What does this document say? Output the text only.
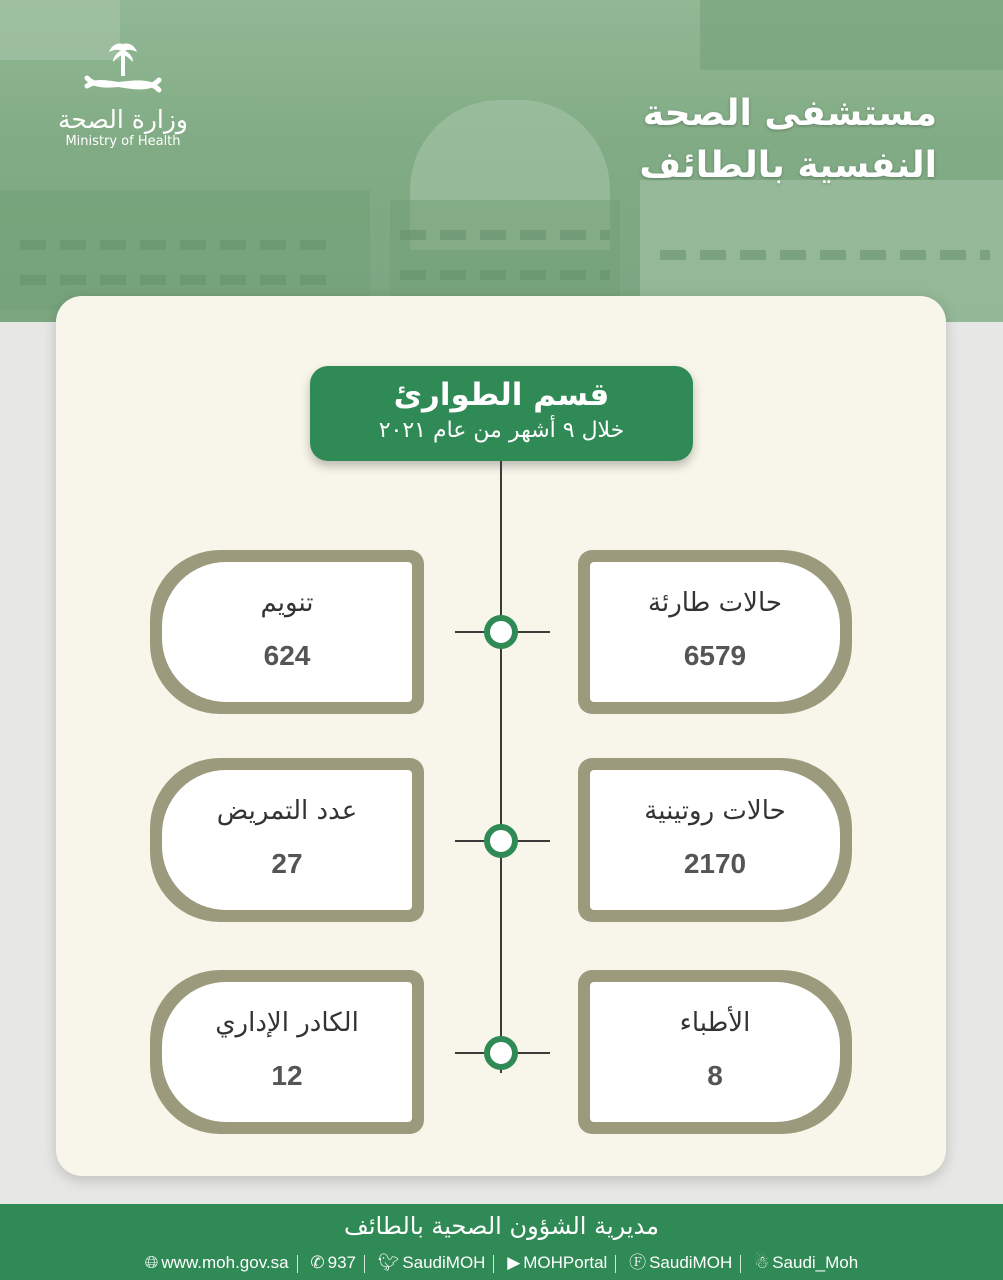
وزارة الصحة
Ministry of Health
مستشفى الصحة
النفسية بالطائف
قسم الطوارئ
خلال ٩ أشهر من عام ٢٠٢١
تنويم
624
حالات طارئة
6579
عدد التمريض
27
حالات روتينية
2170
الكادر الإداري
12
الأطباء
8
مديرية الشؤون الصحية بالطائف
🌐︎ www.moh.gov.sa ✆ 937 🐦︎ SaudiMOH ▶ MOHPortal Ⓕ SaudiMOH ☃ Saudi_Moh
